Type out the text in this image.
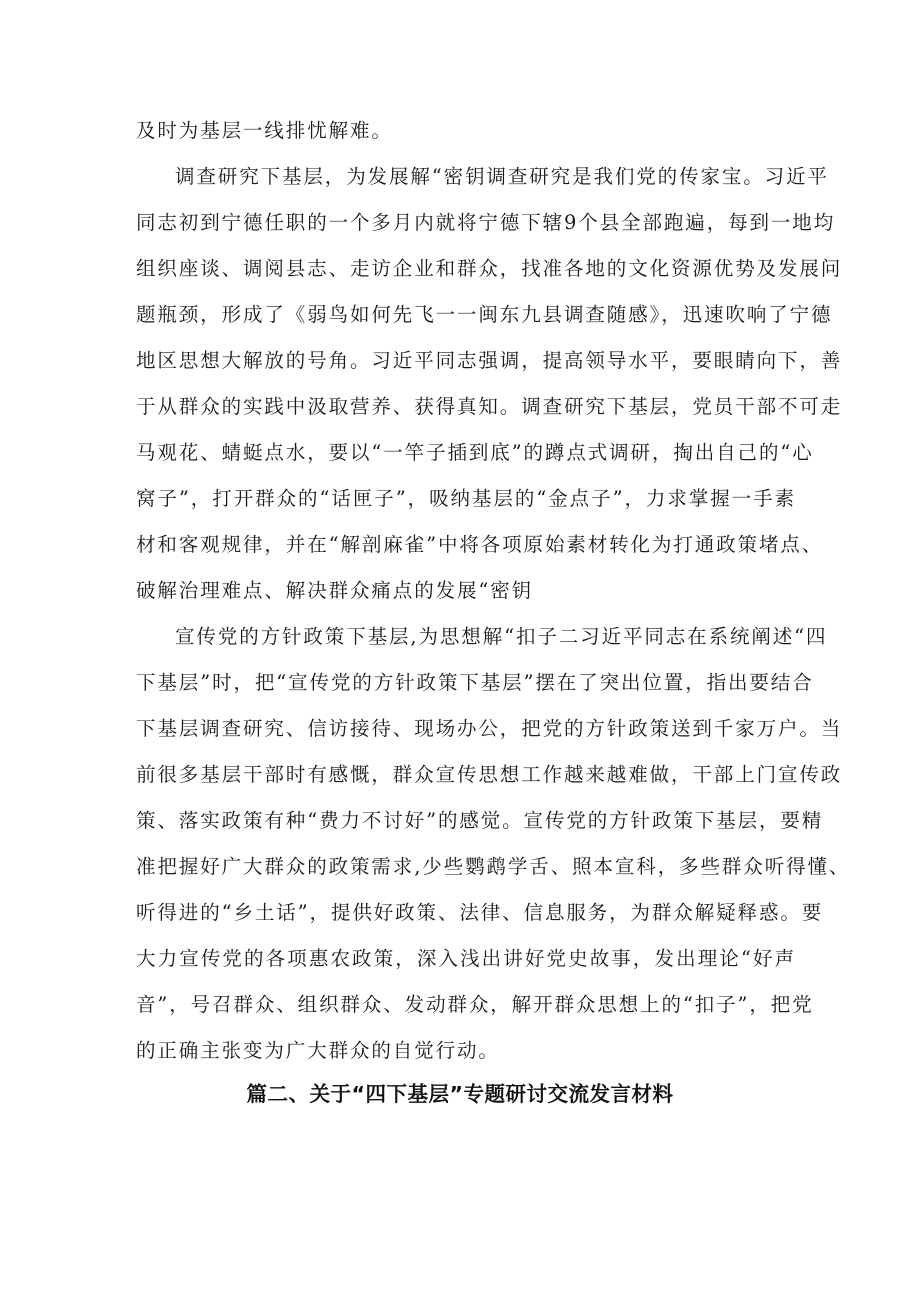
及时为基层一线排忧解难。
调查研究下基层，为发展解“密钥调查研究是我们党的传家宝。习近平
同志初到宁德任职的一个多月内就将宁德下辖9个县全部跑遍，每到一地均
组织座谈、调阅县志、走访企业和群众，找准各地的文化资源优势及发展问
题瓶颈，形成了《弱鸟如何先飞一一闽东九县调查随感》，迅速吹响了宁德
地区思想大解放的号角。习近平同志强调，提高领导水平，要眼睛向下，善
于从群众的实践中汲取营养、获得真知。调查研究下基层，党员干部不可走
马观花、蜻蜓点水，要以“一竿子插到底”的蹲点式调研，掏出自己的“心
窝子”，打开群众的“话匣子”，吸纳基层的“金点子”，力求掌握一手素
材和客观规律，并在“解剖麻雀”中将各项原始素材转化为打通政策堵点、
破解治理难点、解决群众痛点的发展“密钥
宣传党的方针政策下基层,为思想解“扣子二习近平同志在系统阐述“四
下基层”时，把“宣传党的方针政策下基层”摆在了突出位置，指出要结合
下基层调查研究、信访接待、现场办公，把党的方针政策送到千家万户。当
前很多基层干部时有感慨，群众宣传思想工作越来越难做，干部上门宣传政
策、落实政策有种“费力不讨好”的感觉。宣传党的方针政策下基层，要精
准把握好广大群众的政策需求,少些鹦鹉学舌、照本宣科，多些群众听得懂、
听得进的“乡土话”，提供好政策、法律、信息服务，为群众解疑释惑。要
大力宣传党的各项惠农政策，深入浅出讲好党史故事，发出理论“好声
音”，号召群众、组织群众、发动群众，解开群众思想上的“扣子”，把党
的正确主张变为广大群众的自觉行动。
篇二、关于“四下基层”专题研讨交流发言材料
